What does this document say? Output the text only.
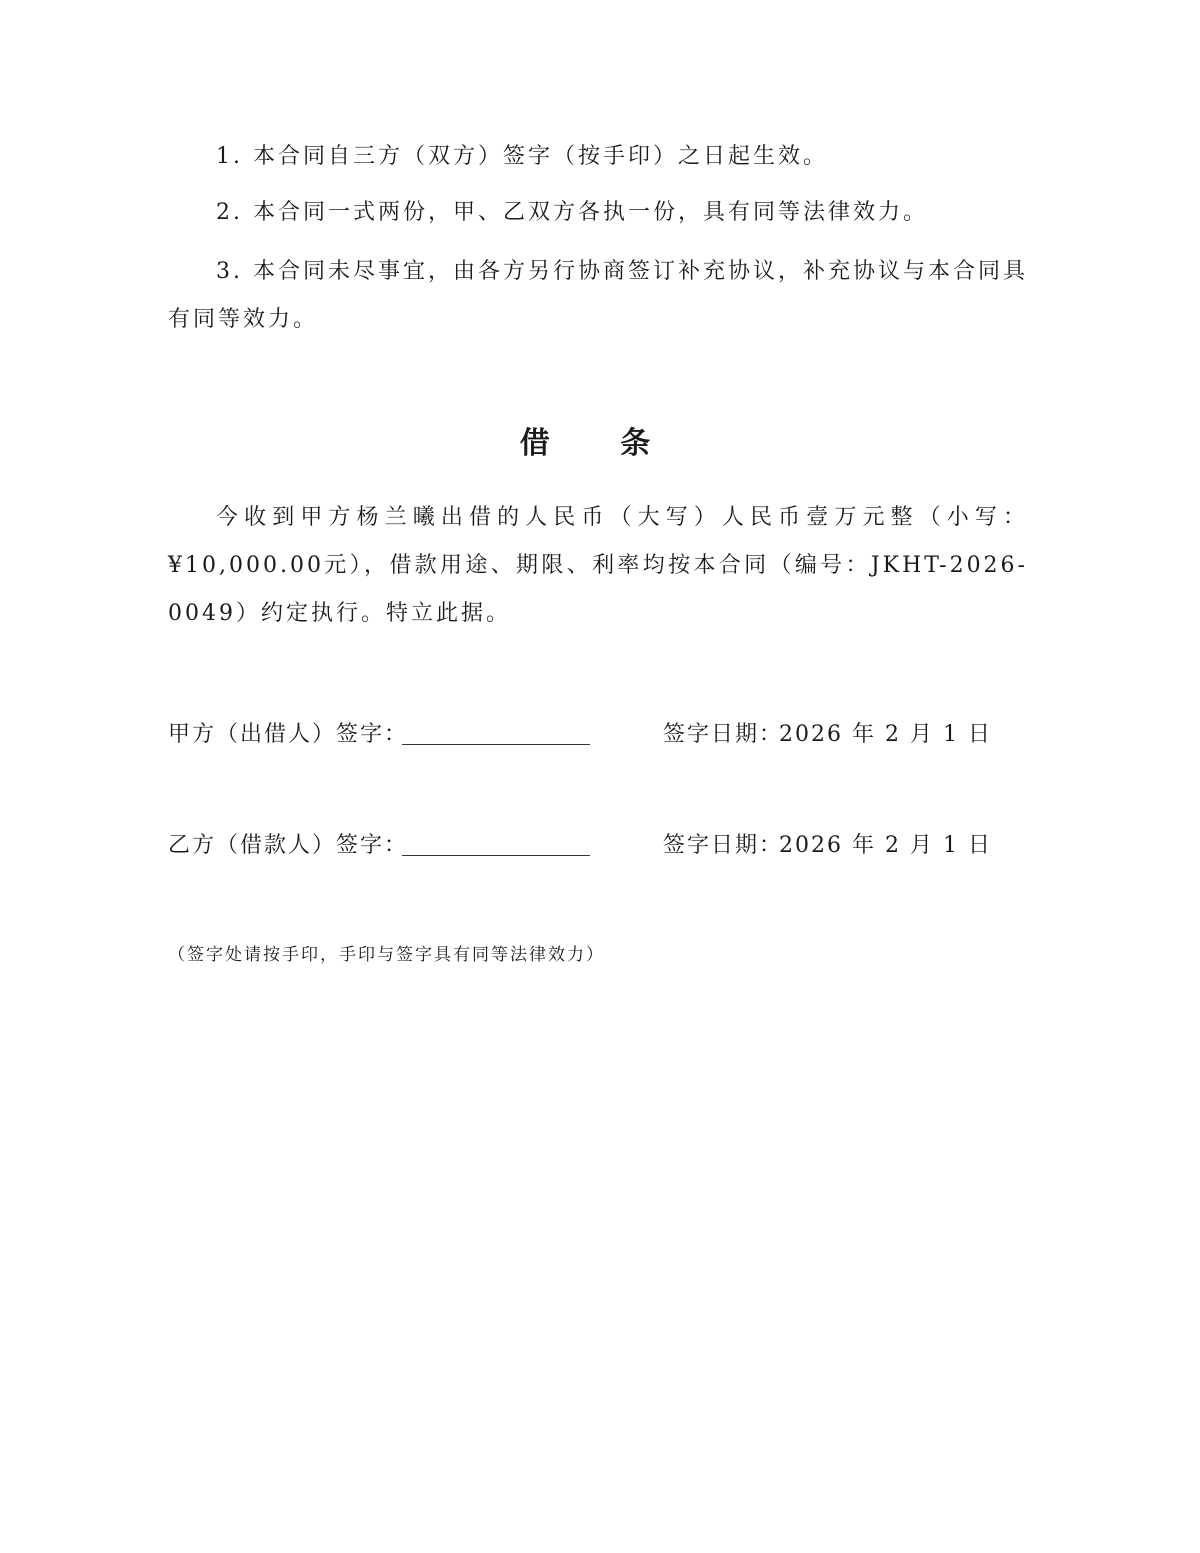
1. 本合同自三方（双方）签字（按手印）之日起生效。

2. 本合同一式两份，甲、乙双方各执一份，具有同等法律效力。

3. 本合同未尽事宜，由各方另行协商签订补充协议，补充协议与本合同具有同等效力。

借 条

今收到甲方杨兰曦出借的人民币（大写）人民币壹万元整（小写：¥10,000.00元），借款用途、期限、利率均按本合同（编号：JKHT-2026-0049）约定执行。特立此据。

甲方（出借人）签字：	签字日期：
2026 年 2 月 1 日
乙方（借款人）签字：	签字日期：
2026 年 2 月 1 日
（签字处请按手印，手印与签字具有同等法律效力）
